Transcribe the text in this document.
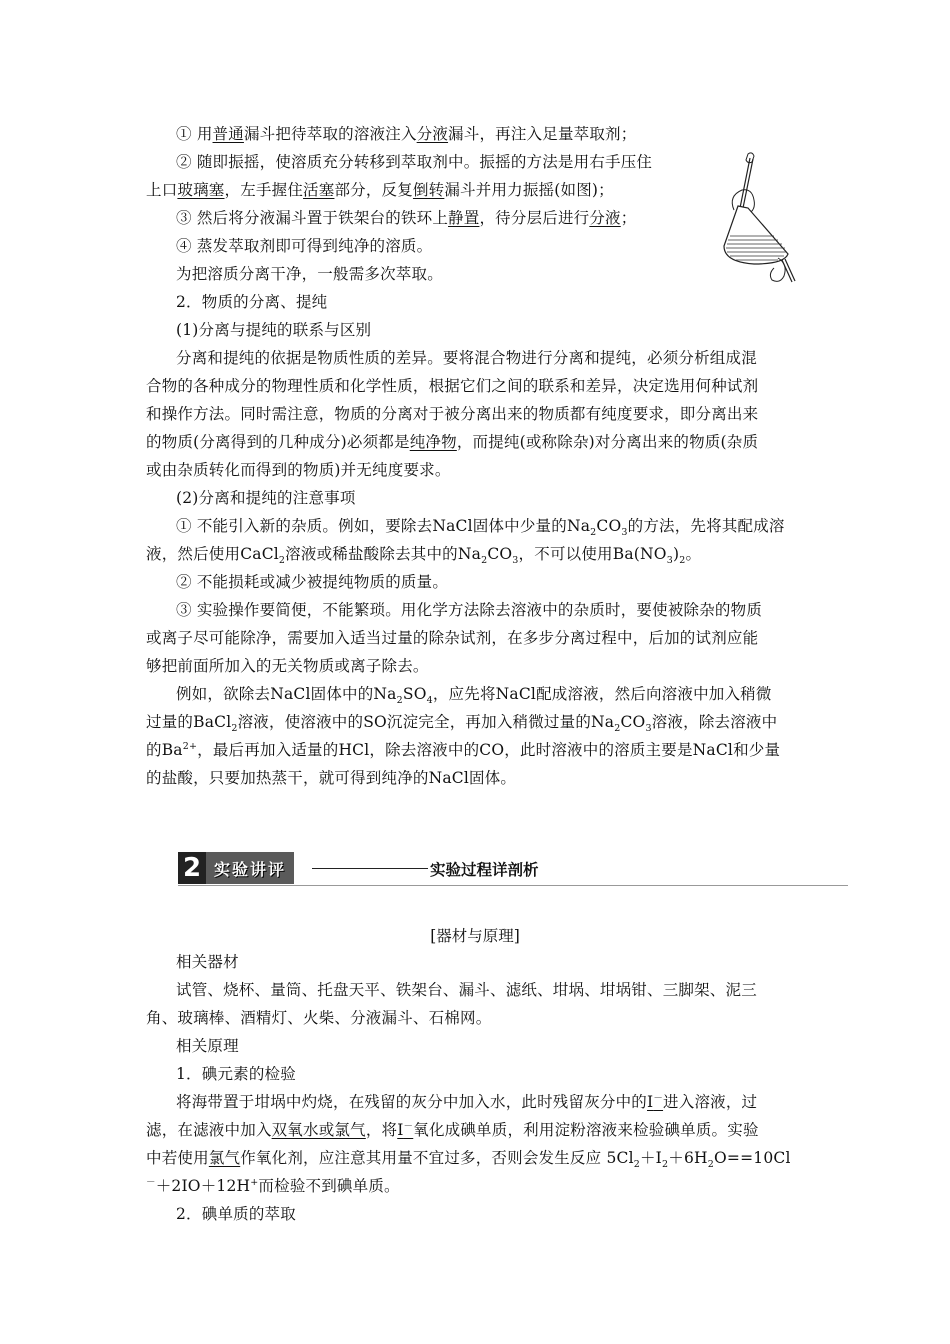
① 用普通漏斗把待萃取的溶液注入分液漏斗，再注入足量萃取剂；
② 随即振摇，使溶质充分转移到萃取剂中。振摇的方法是用右手压住
上口玻璃塞，左手握住活塞部分，反复倒转漏斗并用力振摇(如图)；
③ 然后将分液漏斗置于铁架台的铁环上静置，待分层后进行分液；
④ 蒸发萃取剂即可得到纯净的溶质。
为把溶质分离干净，一般需多次萃取。
2．物质的分离、提纯
(1)分离与提纯的联系与区别
分离和提纯的依据是物质性质的差异。要将混合物进行分离和提纯，必须分析组成混
合物的各种成分的物理性质和化学性质，根据它们之间的联系和差异，决定选用何种试剂
和操作方法。同时需注意，物质的分离对于被分离出来的物质都有纯度要求，即分离出来
的物质(分离得到的几种成分)必须都是纯净物，而提纯(或称除杂)对分离出来的物质(杂质
或由杂质转化而得到的物质)并无纯度要求。
(2)分离和提纯的注意事项
① 不能引入新的杂质。例如，要除去NaCl固体中少量的$Na_2CO_3$的方法，先将其配成溶
液，然后使用CaCl$_2$溶液或稀盐酸除去其中的$Na_2CO_3$，不可以使用$Ba(NO_3)_2$。
② 不能损耗或减少被提纯物质的质量。
③ 实验操作要简便，不能繁琐。用化学方法除去溶液中的杂质时，要使被除杂的物质
或离子尽可能除净，需要加入适当过量的除杂试剂，在多步分离过程中，后加的试剂应能
够把前面所加入的无关物质或离子除去。
例如，欲除去NaCl固体中的$Na_2SO_4$，应先将NaCl配成溶液，然后向溶液中加入稍微
过量的BaCl$_2$溶液，使溶液中的SO沉淀完全，再加入稍微过量的$Na_2CO_3$溶液，除去溶液中
的$Ba^{2+}$，最后再加入适量的HCl，除去溶液中的CO，此时溶液中的溶质主要是NaCl和少量
的盐酸，只要加热蒸干，就可得到纯净的NaCl固体。
2 实验讲评	实验过程详剖析
[器材与原理]
相关器材
试管、烧杯、量筒、托盘天平、铁架台、漏斗、滤纸、坩埚、坩埚钳、三脚架、泥三
角、玻璃棒、酒精灯、火柴、分液漏斗、石棉网。
相关原理
1．碘元素的检验
将海带置于坩埚中灼烧，在残留的灰分中加入水，此时残留灰分中的I－进入溶液，过
滤，在滤液中加入双氧水或氯气，将I－氧化成碘单质，利用淀粉溶液来检验碘单质。实验
中若使用氯气作氧化剂，应注意其用量不宜过多，否则会发生反应 $5Cl_2+I_2+6H_2O==10Cl$
－＋2IO＋12H+而检验不到碘单质。
2．碘单质的萃取
